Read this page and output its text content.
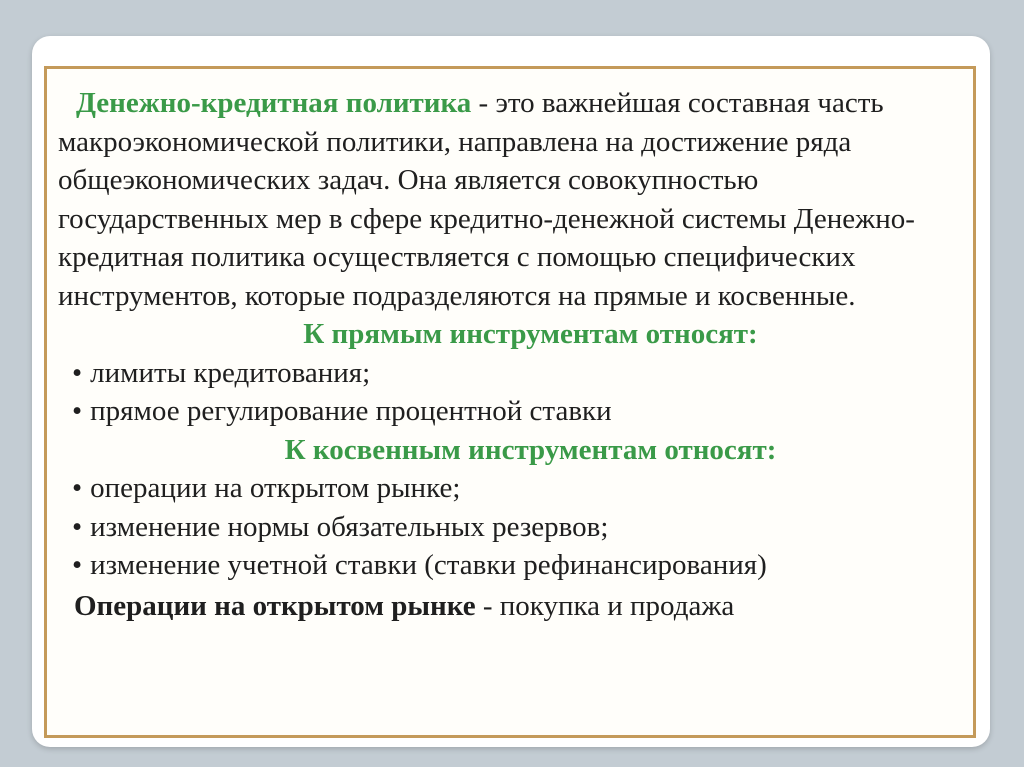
Денежно-кредитная политика - это важнейшая составная часть макроэкономической политики, направлена на достижение ряда общеэкономических задач. Она является совокупностью государственных мер в сфере кредитно-денежной системы Денежно-кредитная политика осуществляется с помощью специфических инструментов, которые подразделяются на прямые и косвенные.

К прямым инструментам относят:

• лимиты кредитования;
• прямое регулирование процентной ставки

К косвенным инструментам относят:

• операции на открытом рынке;
• изменение нормы обязательных резервов;
• изменение учетной ставки (ставки рефинансирования)

Операции на открытом рынке - покупка и продажа
